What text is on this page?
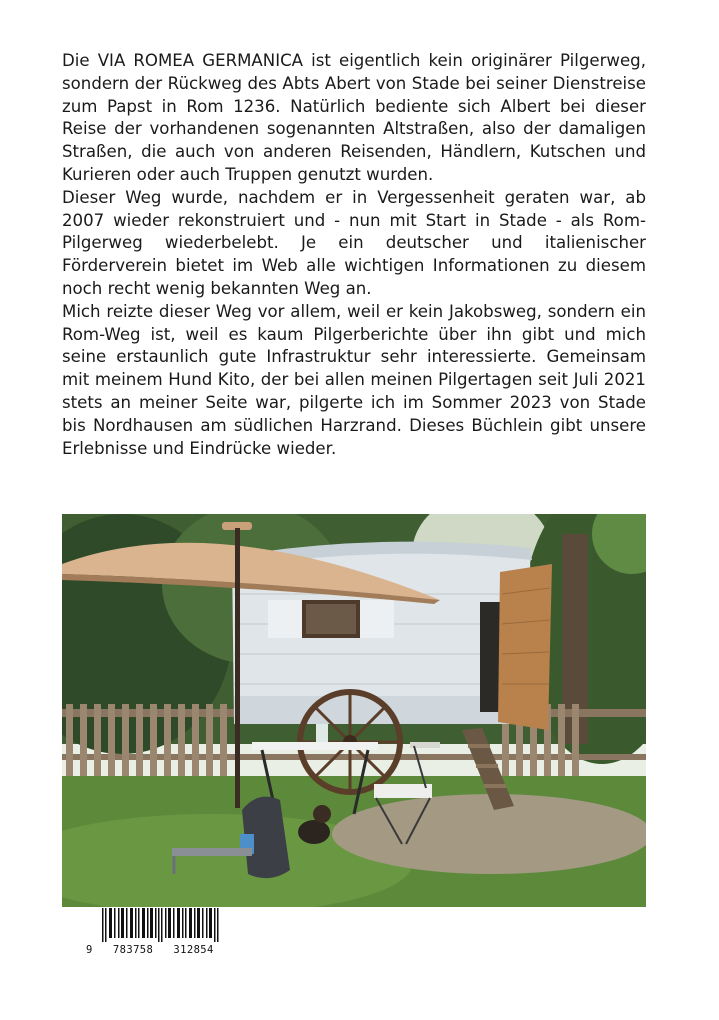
Die VIA ROMEA GERMANICA ist eigentlich kein originärer Pilgerweg, sondern der Rückweg des Abts Abert von Stade bei seiner Dienstreise zum Papst in Rom 1236. Natürlich bediente sich Albert bei dieser Reise der vorhandenen sogenannten Altstraßen, also der damaligen Straßen, die auch von anderen Reisenden, Händlern, Kutschen und Kurieren oder auch Truppen genutzt wurden.

Dieser Weg wurde, nachdem er in Vergessenheit geraten war, ab 2007 wieder rekonstruiert und - nun mit Start in Stade - als Rom-Pilgerweg wiederbelebt. Je ein deutscher und italienischer Förderverein bietet im Web alle wichtigen Informationen zu diesem noch recht wenig bekannten Weg an.

Mich reizte dieser Weg vor allem, weil er kein Jakobsweg, sondern ein Rom-Weg ist, weil es kaum Pilgerberichte über ihn gibt und mich seine erstaunlich gute Infrastruktur sehr interessierte. Gemeinsam mit meinem Hund Kito, der bei allen meinen Pilgertagen seit Juli 2021 stets an meiner Seite war, pilgerte ich im Sommer 2023 von Stade bis Nordhausen am südlichen Harzrand. Dieses Büchlein gibt unsere Erlebnisse und Eindrücke wieder.

9 783758 312854
